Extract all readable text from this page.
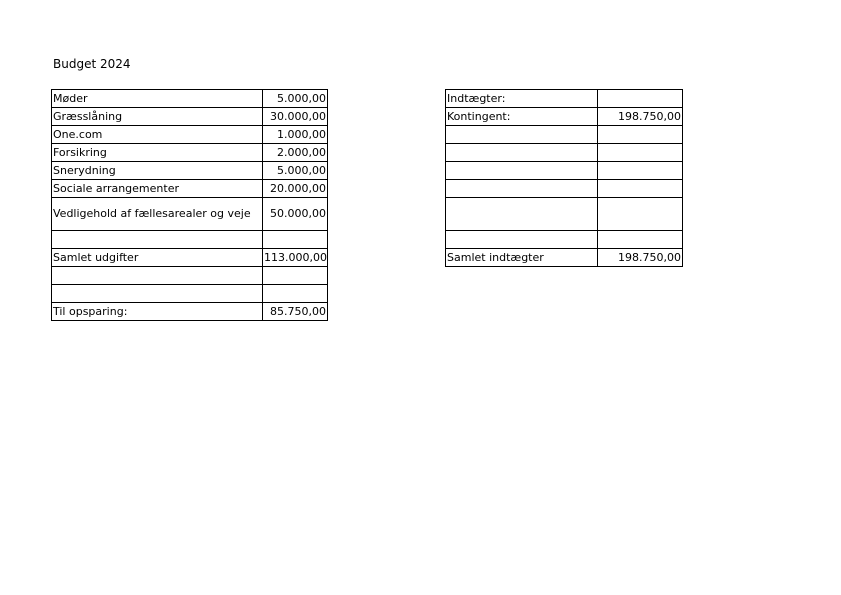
Budget 2024
Møder	5.000,00
Græsslåning	30.000,00
One.com	1.000,00
Forsikring	2.000,00
Snerydning	5.000,00
Sociale arrangementer	20.000,00
Vedligehold af fællesarealer og veje	50.000,00

Samlet udgifter	113.000,00

Til opsparing:	85.750,00
Indtægter:	
Kontingent:	198.750,00

Samlet indtægter	198.750,00
